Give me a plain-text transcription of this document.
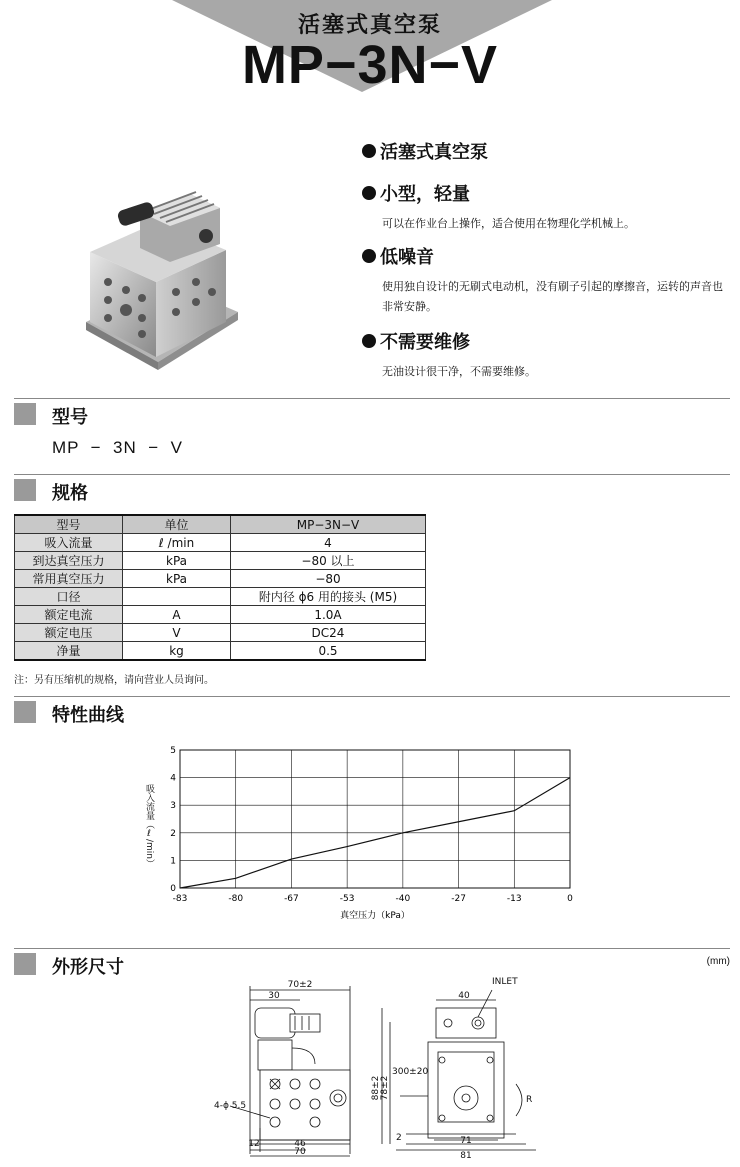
活塞式真空泵
MP−3N−V
活塞式真空泵
小型，轻量
可以在作业台上操作，适合使用在物理化学机械上。
低噪音
使用独自设计的无刷式电动机，没有刷子引起的摩擦音，运转的声音也非常安静。
不需要维修
无油设计很干净，不需要维修。
型号
MP  −  3N  −  V
规格
型号	单位	MP−3N−V
吸入流量	ℓ /min	4
到达真空压力	kPa	−80 以上
常用真空压力	kPa	−80
口径		附内径 ϕ6 用的接头 (M5)
额定电流	A	1.0A
额定电压	V	DC24
净量	kg	0.5
注：另有压缩机的规格，请向营业人员询问。
特性曲线
0
1
2
3
4
5
-83	-80	-67	-53	-40	-27	-13	0
真空压力（kPa）
吸入流量（ℓ/min）
外形尺寸	(mm)
70±2
30
4-ϕ 5.5
12	46
70
INLET
40
300±20
88±2 78±2
2	71
81
R
